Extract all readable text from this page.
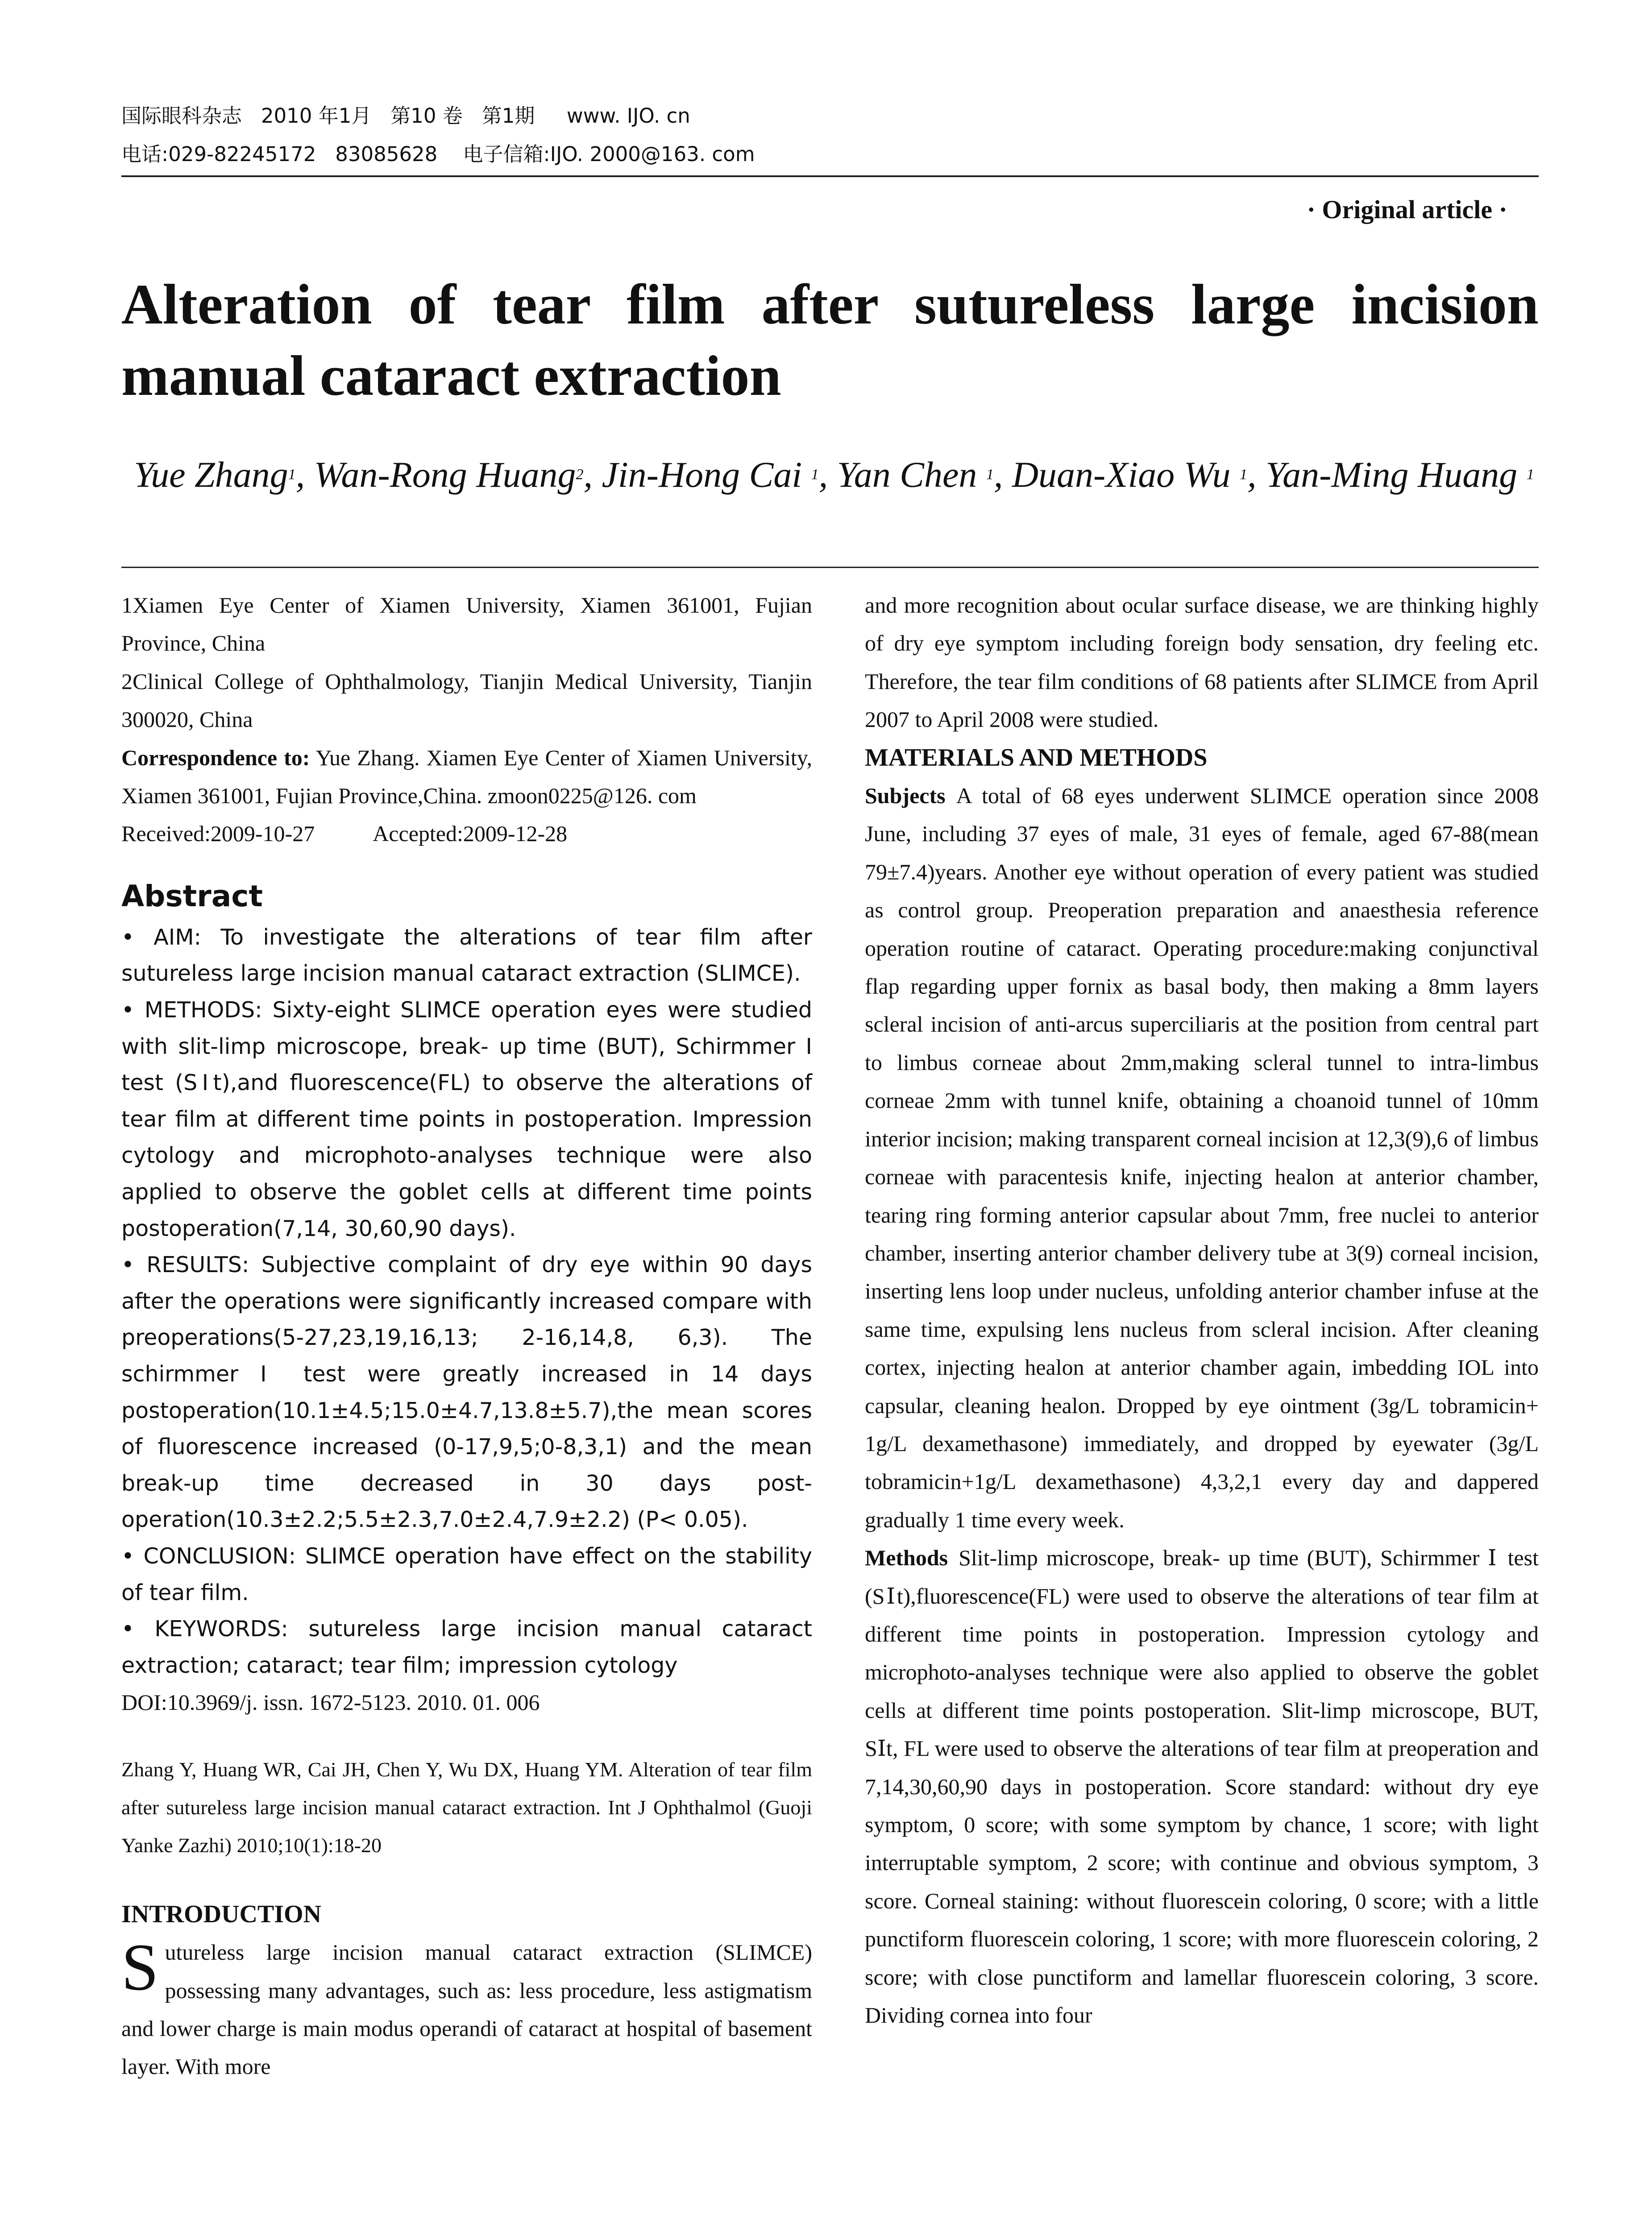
国际眼科杂志   2010 年1月   第10 卷   第1期     www. IJO. cn
电话:029-82245172   83085628    电子信箱:IJO. 2000@163. com
· Original article ·
Alteration of tear film after sutureless large incision
manual cataract extraction
Yue Zhang$^1$, Wan-Rong Huang$^2$, Jin-Hong Cai $^1$, Yan Chen $^1$, Duan-Xiao Wu $^1$, Yan-Ming Huang $^1$

1Xiamen Eye Center of Xiamen University, Xiamen 361001, Fujian Province, China

2Clinical College of Ophthalmology, Tianjin Medical University, Tianjin 300020, China

Correspondence to: Yue Zhang. Xiamen Eye Center of Xiamen University, Xiamen 361001, Fujian Province,China. zmoon0225@126. com

Received:2009-10-27	Accepted:2009-12-28

Abstract

• AIM: To investigate the alterations of tear film after sutureless large incision manual cataract extraction (SLIMCE).

• METHODS: Sixty-eight SLIMCE operation eyes were studied with slit-limp microscope, break- up time (BUT), Schirmmer Ⅰ test (SⅠt),and fluorescence(FL) to observe the alterations of tear film at different time points in postoperation. Impression cytology and microphoto-analyses technique were also applied to observe the goblet cells at different time points postoperation(7,14, 30,60,90 days).

• RESULTS: Subjective complaint of dry eye within 90 days after the operations were significantly increased compare with preoperations(5-27,23,19,16,13; 2-16,14,8, 6,3). The schirmmer Ⅰ test were greatly increased in 14 days postoperation(10.1±4.5;15.0±4.7,13.8±5.7),the mean scores of fluorescence increased (0-17,9,5;0-8,3,1) and the mean break-up time decreased in 30 days post-operation(10.3±2.2;5.5±2.3,7.0±2.4,7.9±2.2) (P< 0.05).

• CONCLUSION: SLIMCE operation have effect on the stability of tear film.

• KEYWORDS: sutureless large incision manual cataract extraction; cataract; tear film; impression cytology

DOI:10.3969/j. issn. 1672-5123. 2010. 01. 006

Zhang Y, Huang WR, Cai JH, Chen Y, Wu DX, Huang YM. Alteration of tear film after sutureless large incision manual cataract extraction. Int J Ophthalmol (Guoji Yanke Zazhi) 2010;10(1):18-20

INTRODUCTION

Sutureless large incision manual cataract extraction (SLIMCE) possessing many advantages, such as: less procedure, less astigmatism and lower charge is main modus operandi of cataract at hospital of basement layer. With more

and more recognition about ocular surface disease, we are thinking highly of dry eye symptom including foreign body sensation, dry feeling etc. Therefore, the tear film conditions of 68 patients after SLIMCE from April 2007 to April 2008 were studied.

MATERIALS AND METHODS

Subjects A total of 68 eyes underwent SLIMCE operation since 2008 June, including 37 eyes of male, 31 eyes of female, aged 67-88(mean 79±7.4)years. Another eye without operation of every patient was studied as control group. Preoperation preparation and anaesthesia reference operation routine of cataract. Operating procedure:making conjunctival flap regarding upper fornix as basal body, then making a 8mm layers scleral incision of anti-arcus superciliaris at the position from central part to limbus corneae about 2mm,making scleral tunnel to intra-limbus corneae 2mm with tunnel knife, obtaining a choanoid tunnel of 10mm interior incision; making transparent corneal incision at 12,3(9),6 of limbus corneae with paracentesis knife, injecting healon at anterior chamber, tearing ring forming anterior capsular about 7mm, free nuclei to anterior chamber, inserting anterior chamber delivery tube at 3(9) corneal incision, inserting lens loop under nucleus, unfolding anterior chamber infuse at the same time, expulsing lens nucleus from scleral incision. After cleaning cortex, injecting healon at anterior chamber again, imbedding IOL into capsular, cleaning healon. Dropped by eye ointment (3g/L tobramicin+ 1g/L dexamethasone) immediately, and dropped by eyewater (3g/L tobramicin+1g/L dexamethasone) 4,3,2,1 every day and dappered gradually 1 time every week.

Methods Slit-limp microscope, break- up time (BUT), Schirmmer Ⅰ test (SⅠt),fluorescence(FL) were used to observe the alterations of tear film at different time points in postoperation. Impression cytology and microphoto-analyses technique were also applied to observe the goblet cells at different time points postoperation. Slit-limp microscope, BUT, SⅠt, FL were used to observe the alterations of tear film at preoperation and 7,14,30,60,90 days in postoperation. Score standard: without dry eye symptom, 0 score; with some symptom by chance, 1 score; with light interruptable symptom, 2 score; with continue and obvious symptom, 3 score. Corneal staining: without fluorescein coloring, 0 score; with a little punctiform fluorescein coloring, 1 score; with more fluorescein coloring, 2 score; with close punctiform and lamellar fluorescein coloring, 3 score. Dividing cornea into four
